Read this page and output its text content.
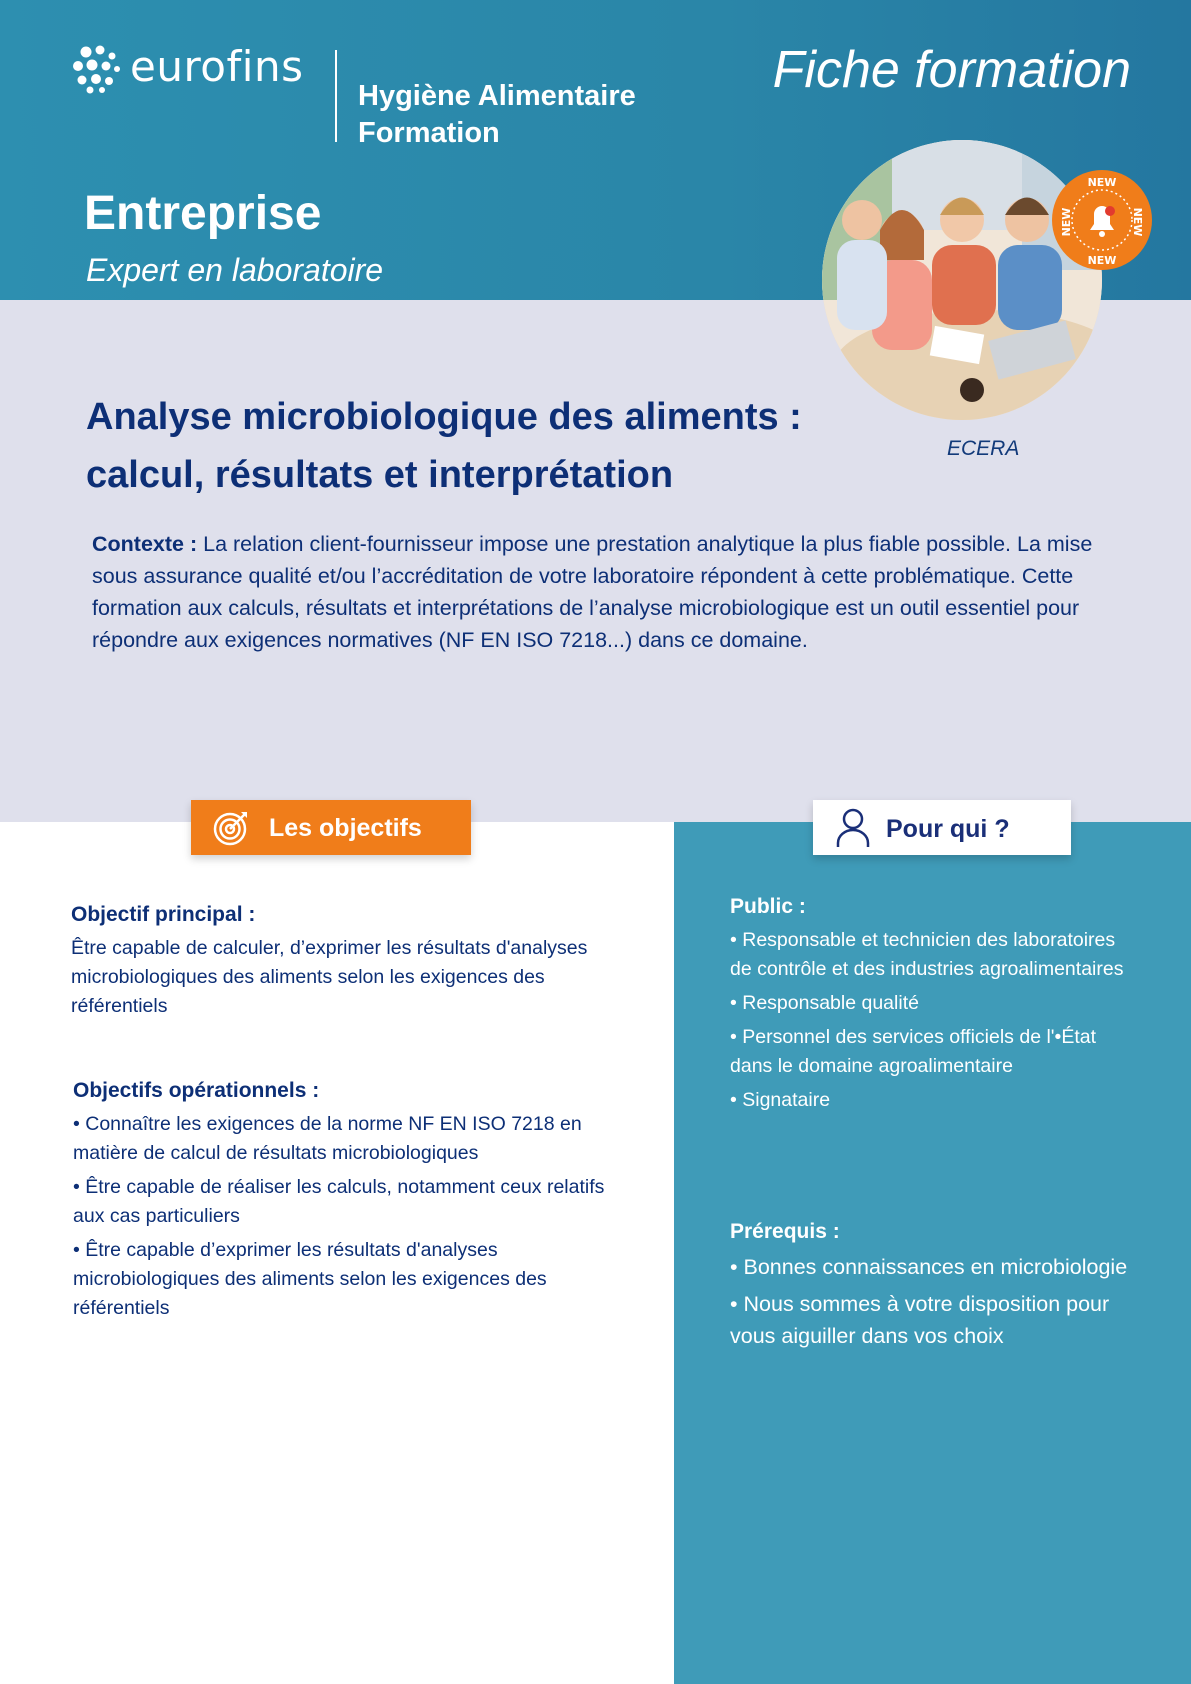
eurofins
Hygiène Alimentaire
Formation
Fiche formation
Entreprise
Expert en laboratoire
NEW
NEW
NEW	NEW
ECERA
Analyse microbiologique des aliments :
calcul, résultats et interprétation
Contexte : La relation client-fournisseur impose une prestation analytique la plus fiable possible. La mise sous assurance qualité et/ou l’accréditation de votre laboratoire répondent à cette problématique. Cette formation aux calculs, résultats et interprétations de l’analyse microbiologique est un outil essentiel pour répondre aux exigences normatives (NF EN ISO 7218...) dans ce domaine.
Les objectifs	Pour qui ?
Objectif principal :
Être capable de calculer, d’exprimer les résultats d'analyses microbiologiques des aliments selon les exigences des référentiels
Objectifs opérationnels :
• Connaître les exigences de la norme NF EN ISO 7218 en matière de calcul de résultats microbiologiques
• Être capable de réaliser les calculs, notamment ceux relatifs aux cas particuliers
• Être capable d’exprimer les résultats d'analyses microbiologiques des aliments selon les exigences des référentiels
Public :
• Responsable et technicien des laboratoires de contrôle et des industries agroalimentaires
• Responsable qualité
• Personnel des services officiels de l'•État dans le domaine agroalimentaire
• Signataire
Prérequis :
• Bonnes connaissances en microbiologie
• Nous sommes à votre disposition pour vous aiguiller dans vos choix
